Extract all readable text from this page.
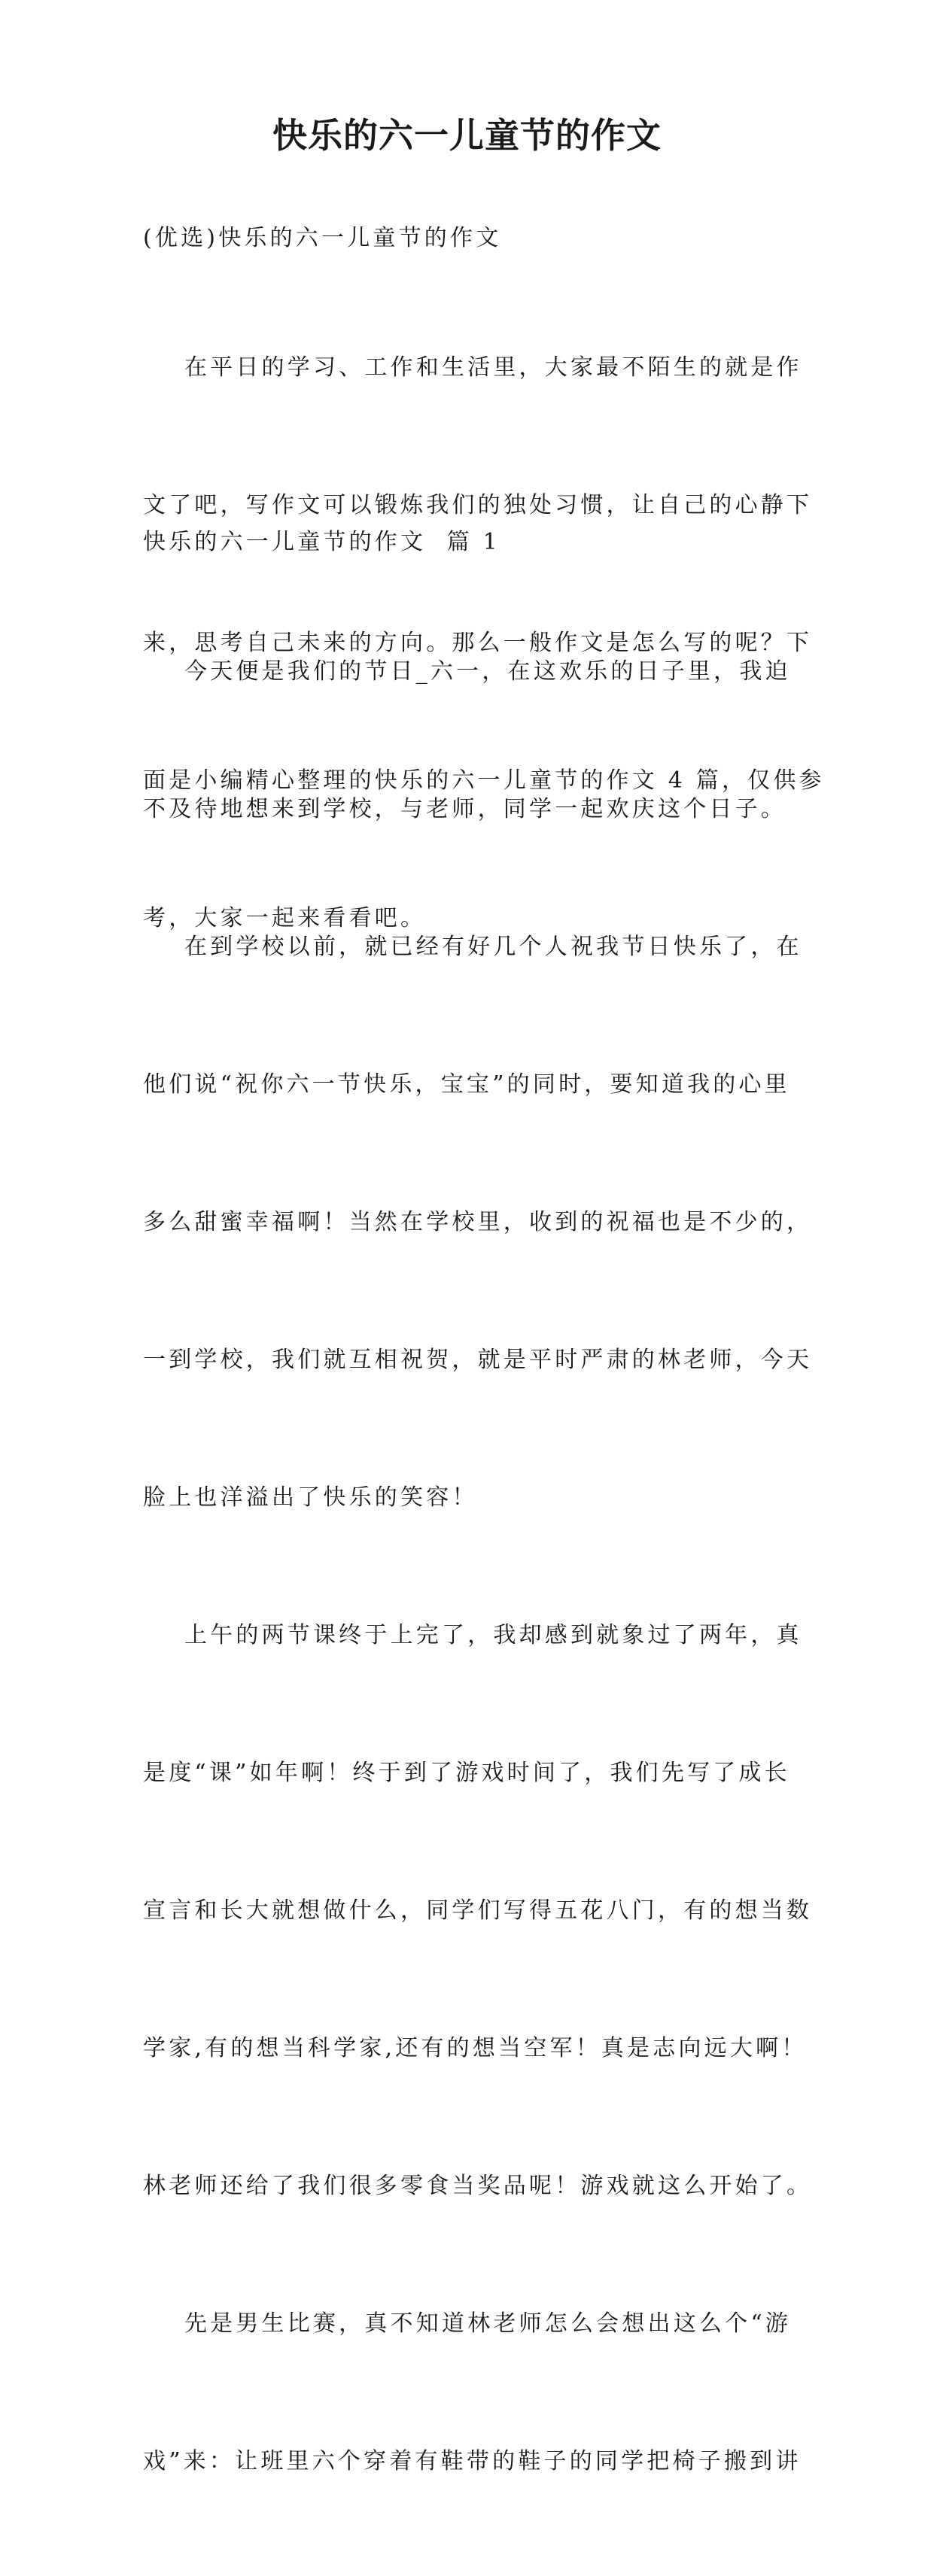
快乐的六一儿童节的作文
(优选)快乐的六一儿童节的作文

在平日的学习、工作和生活里，大家最不陌生的就是作

文了吧，写作文可以锻炼我们的独处习惯，让自己的心静下

来，思考自己未来的方向。那么一般作文是怎么写的呢？下

面是小编精心整理的快乐的六一儿童节的作文 4 篇，仅供参

考，大家一起来看看吧。

快乐的六一儿童节的作文  篇 1

今天便是我们的节日_六一，在这欢乐的日子里，我迫

不及待地想来到学校，与老师，同学一起欢庆这个日子。

在到学校以前，就已经有好几个人祝我节日快乐了，在

他们说“祝你六一节快乐，宝宝”的同时，要知道我的心里

多么甜蜜幸福啊！当然在学校里，收到的祝福也是不少的，

一到学校，我们就互相祝贺，就是平时严肃的林老师，今天

脸上也洋溢出了快乐的笑容！

上午的两节课终于上完了，我却感到就象过了两年，真

是度“课”如年啊！终于到了游戏时间了，我们先写了成长

宣言和长大就想做什么，同学们写得五花八门，有的想当数

学家,有的想当科学家,还有的想当空军！真是志向远大啊！

林老师还给了我们很多零食当奖品呢！游戏就这么开始了。

先是男生比赛，真不知道林老师怎么会想出这么个“游

戏”来：让班里六个穿着有鞋带的鞋子的同学把椅子搬到讲
